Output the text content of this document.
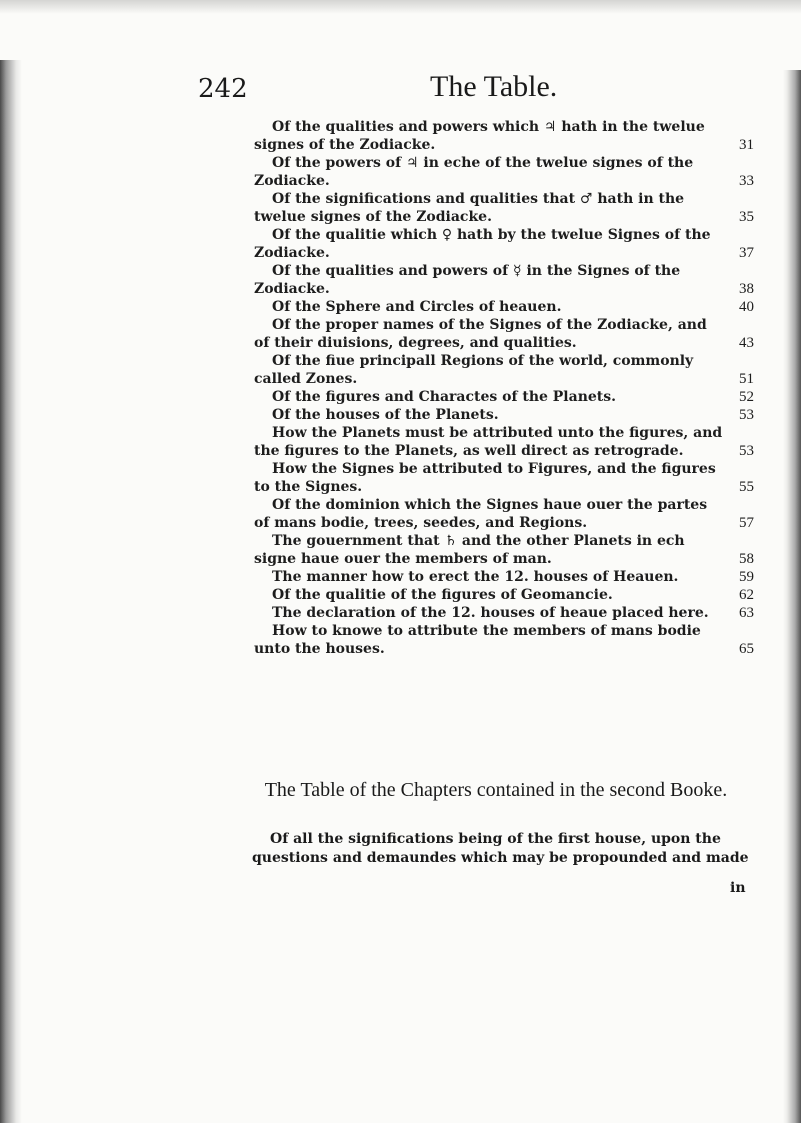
242	The Table.
Of the qualities and powers which ♃ hath in the twelue signes of the Zodiacke.	31
Of the powers of ♃ in eche of the twelue signes of the Zodiacke.	33
Of the significations and qualities that ♂ hath in the twelue signes of the Zodiacke.	35
Of the qualitie which ♀ hath by the twelue Signes of the Zodiacke.	37
Of the qualities and powers of ☿ in the Signes of the Zodiacke.	38
Of the Sphere and Circles of heauen.	40
Of the proper names of the Signes of the Zodiacke, and of their diuisions, degrees, and qualities.	43
Of the fiue principall Regions of the world, commonly called Zones.	51
Of the figures and Charactes of the Planets.	52
Of the houses of the Planets.	53
How the Planets must be attributed unto the figures, and the figures to the Planets, as well direct as retrograde.	53
How the Signes be attributed to Figures, and the figures to the Signes.	55
Of the dominion which the Signes haue ouer the partes of mans bodie, trees, seedes, and Regions.	57
The gouernment that ♄ and the other Planets in ech signe haue ouer the members of man.	58
The manner how to erect the 12. houses of Heauen.	59
Of the qualitie of the figures of Geomancie.	62
The declaration of the 12. houses of heaue placed here.	63
How to knowe to attribute the members of mans bodie unto the houses.	65
The Table of the Chapters contained in the second Booke.
Of all the significations being of the first house, upon the questions and demaundes which may be propounded and made
in
